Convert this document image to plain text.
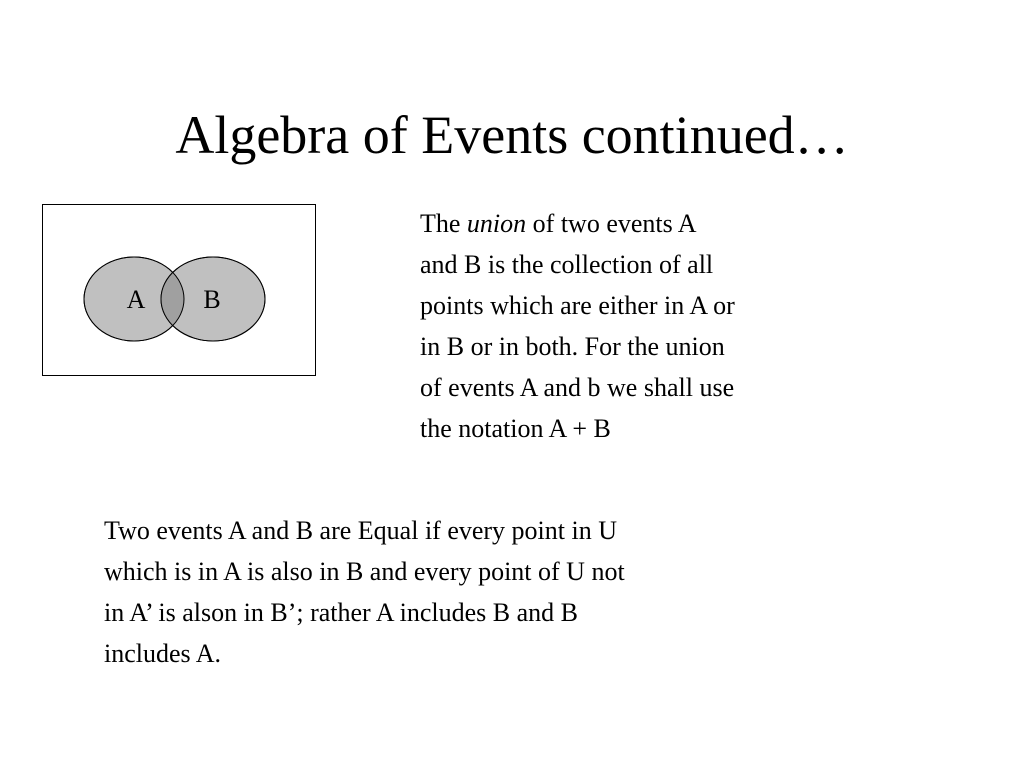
Algebra of Events continued…
A B

The union of two events A
and B is the collection of all
points which are either in A or
in B or in both. For the union
of events A and b we shall use
the notation A + B

Two events A and B are Equal if every point in U
which is in A is also in B and every point of U not
in A’ is alson in B’; rather A includes B and B
includes A.
